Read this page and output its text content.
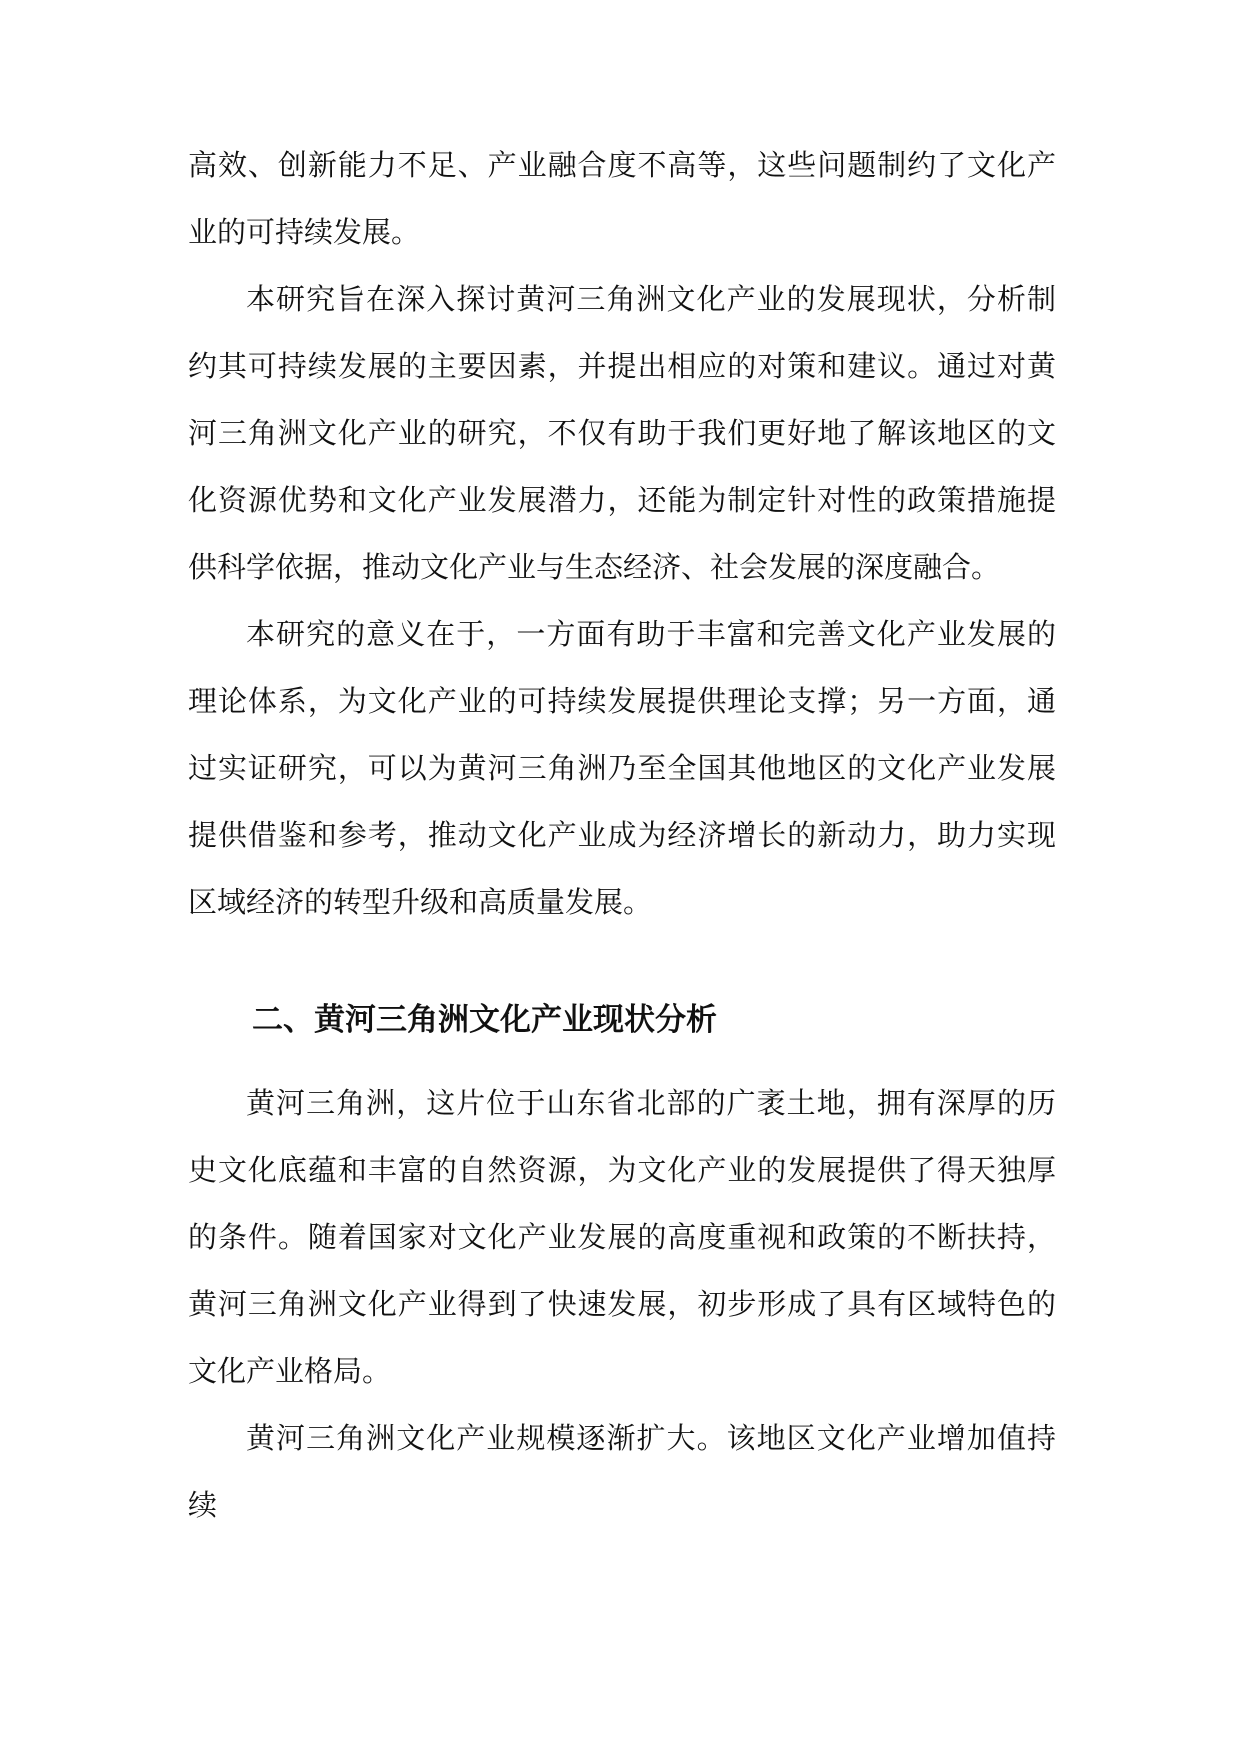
高效、创新能力不足、产业融合度不高等，这些问题制约了文化产业的可持续发展。

本研究旨在深入探讨黄河三角洲文化产业的发展现状，分析制约其可持续发展的主要因素，并提出相应的对策和建议。通过对黄河三角洲文化产业的研究，不仅有助于我们更好地了解该地区的文化资源优势和文化产业发展潜力，还能为制定针对性的政策措施提供科学依据，推动文化产业与生态经济、社会发展的深度融合。

本研究的意义在于，一方面有助于丰富和完善文化产业发展的理论体系，为文化产业的可持续发展提供理论支撑；另一方面，通过实证研究，可以为黄河三角洲乃至全国其他地区的文化产业发展提供借鉴和参考，推动文化产业成为经济增长的新动力，助力实现区域经济的转型升级和高质量发展。

二、黄河三角洲文化产业现状分析

黄河三角洲，这片位于山东省北部的广袤土地，拥有深厚的历史文化底蕴和丰富的自然资源，为文化产业的发展提供了得天独厚的条件。随着国家对文化产业发展的高度重视和政策的不断扶持，黄河三角洲文化产业得到了快速发展，初步形成了具有区域特色的文化产业格局。

黄河三角洲文化产业规模逐渐扩大。该地区文化产业增加值持续
